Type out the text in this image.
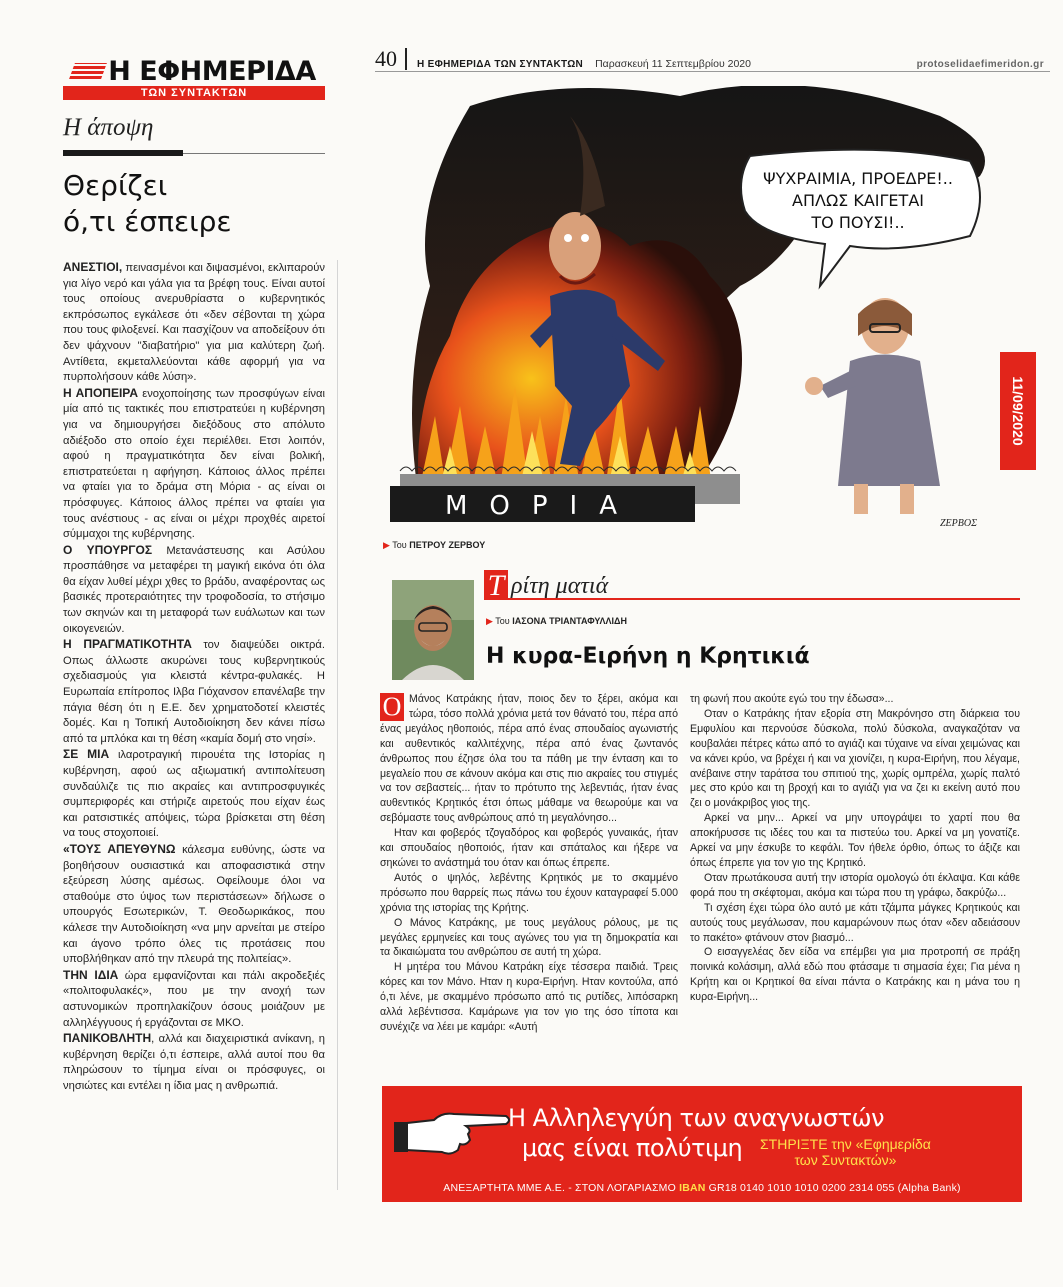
40	Η ΕΦΗΜΕΡΙΔΑ ΤΩΝ ΣΥΝΤΑΚΤΩΝ Παρασκευή 11 Σεπτεμβρίου 2020	protoselidaefimeridon.gr
Η ΕΦΗΜΕΡΙΔΑ
ΤΩΝ ΣΥΝΤΑΚΤΩΝ
Η άποψη
Θερίζει
ό,τι έσπειρε

ΑΝΕΣΤΙΟΙ, πεινασμένοι και διψασμένοι, εκλιπαρούν για λίγο νερό και γάλα για τα βρέφη τους. Είναι αυτοί τους οποίους ανερυθρίαστα ο κυβερνητικός εκπρόσωπος εγκάλεσε ότι «δεν σέβονται τη χώρα που τους φιλοξενεί. Και πασχίζουν να αποδείξουν ότι δεν ψάχνουν "διαβατήριο" για μια καλύτερη ζωή. Αντίθετα, εκμεταλλεύονται κάθε αφορμή για να πυρπολήσουν κάθε λύση».

Η ΑΠΟΠΕΙΡΑ ενοχοποίησης των προσφύγων είναι μία από τις τακτικές που επιστρατεύει η κυβέρνηση για να δημιουργήσει διεξόδους στο απόλυτο αδιέξοδο στο οποίο έχει περιέλθει. Ετσι λοιπόν, αφού η πραγματικότητα δεν είναι βολική, επιστρατεύεται η αφήγηση. Κάποιος άλλος πρέπει να φταίει για το δράμα στη Μόρια - ας είναι οι πρόσφυγες. Κάποιος άλλος πρέπει να φταίει για τους ανέστιους - ας είναι οι μέχρι προχθές αιρετοί σύμμαχοι της κυβέρνησης.

Ο ΥΠΟΥΡΓΟΣ Μετανάστευσης και Ασύλου προσπάθησε να μεταφέρει τη μαγική εικόνα ότι όλα θα είχαν λυθεί μέχρι χθες το βράδυ, αναφέροντας ως βασικές προτεραιότητες την τροφοδοσία, το στήσιμο των σκηνών και τη μεταφορά των ευάλωτων και των οικογενειών.

Η ΠΡΑΓΜΑΤΙΚΟΤΗΤΑ τον διαψεύδει οικτρά. Οπως άλλωστε ακυρώνει τους κυβερνητικούς σχεδιασμούς για κλειστά κέντρα-φυλακές. Η Ευρωπαία επίτροπος Ιλβα Γιόχανσον επανέλαβε την πάγια θέση ότι η Ε.Ε. δεν χρηματοδοτεί κλειστές δομές. Και η Τοπική Αυτοδιοίκηση δεν κάνει πίσω από τα μπλόκα και τη θέση «καμία δομή στο νησί».

ΣΕ ΜΙΑ ιλαροτραγική πιρουέτα της Ιστορίας η κυβέρνηση, αφού ως αξιωματική αντιπολίτευση συνδαύλιζε τις πιο ακραίες και αντιπροσφυγικές συμπεριφορές και στήριζε αιρετούς που είχαν έως και ρατσιστικές απόψεις, τώρα βρίσκεται στη θέση να τους στοχοποιεί.

«ΤΟΥΣ ΑΠΕΥΘΥΝΩ κάλεσμα ευθύνης, ώστε να βοηθήσουν ουσιαστικά και αποφασιστικά στην εξεύρεση λύσης αμέσως. Οφείλουμε όλοι να σταθούμε στο ύψος των περιστάσεων» δήλωσε ο υπουργός Εσωτερικών, Τ. Θεοδωρικάκος, που κάλεσε την Αυτοδιοίκηση «να μην αρνείται με στείρο και άγονο τρόπο όλες τις προτάσεις που υποβλήθηκαν από την πλευρά της πολιτείας».

ΤΗΝ ΙΔΙΑ ώρα εμφανίζονται και πάλι ακροδεξιές «πολιτοφυλακές», που με την ανοχή των αστυνομικών προπηλακίζουν όσους μοιάζουν με αλληλέγγυους ή εργάζονται σε ΜΚΟ.

ΠΑΝΙΚΟΒΛΗΤΗ, αλλά και διαχειριστικά ανίκανη, η κυβέρνηση θερίζει ό,τι έσπειρε, αλλά αυτοί που θα πληρώσουν το τίμημα είναι οι πρόσφυγες, οι νησιώτες και εντέλει η ίδια μας η ανθρωπιά.

ΜΟΡΙΑ
ΨΥΧΡΑΙΜΙΑ, ΠΡΟΕΔΡΕ!..
ΑΠΛΩΣ ΚΑΙΓΕΤΑΙ
ΤΟ ΠΟΥΣΙ!..
ΖΕΡΒΟΣ
▶ Του ΠΕΤΡΟΥ ΖΕΡΒΟΥ
11/09/2020
Τ ρίτη ματιά
▶ Του ΙΑΣΟΝΑ ΤΡΙΑΝΤΑΦΥΛΛΙΔΗ
Η κυρα-Ειρήνη η Κρητικιά

Ο Μάνος Κατράκης ήταν, ποιος δεν το ξέρει, ακόμα και τώρα, τόσο πολλά χρόνια μετά τον θάνατό του, πέρα από ένας μεγάλος ηθοποιός, πέρα από ένας σπουδαίος αγωνιστής και αυθεντικός καλλιτέχνης, πέρα από ένας ζωντανός άνθρωπος που έζησε όλα του τα πάθη με την ένταση και το μεγαλείο που σε κάνουν ακόμα και στις πιο ακραίες του στιγμές να τον σεβαστείς... ήταν το πρότυπο της λεβεντιάς, ήταν ένας αυθεντικός Κρητικός έτσι όπως μάθαμε να θεωρούμε και να σεβόμαστε τους ανθρώπους από τη μεγαλόνησο...

Ηταν και φοβερός τζογαδόρος και φοβερός γυναικάς, ήταν και σπουδαίος ηθοποιός, ήταν και σπάταλος και ήξερε να σηκώνει το ανάστημά του όταν και όπως έπρεπε.

Αυτός ο ψηλός, λεβέντης Κρητικός με το σκαμμένο πρόσωπο που θαρρείς πως πάνω του έχουν καταγραφεί 5.000 χρόνια της ιστορίας της Κρήτης.

Ο Μάνος Κατράκης, με τους μεγάλους ρόλους, με τις μεγάλες ερμηνείες και τους αγώνες του για τη δημοκρατία και τα δικαιώματα του ανθρώπου σε αυτή τη χώρα.

Η μητέρα του Μάνου Κατράκη είχε τέσσερα παιδιά. Τρεις κόρες και τον Μάνο. Ηταν η κυρα-Ειρήνη. Ηταν κοντούλα, από ό,τι λένε, με σκαμμένο πρόσωπο από τις ρυτίδες, λιπόσαρκη αλλά λεβέντισσα. Καμάρωνε για τον γιο της όσο τίποτα και συνέχιζε να λέει με καμάρι: «Αυτή

τη φωνή που ακούτε εγώ του την έδωσα»...

Οταν ο Κατράκης ήταν εξορία στη Μακρόνησο στη διάρκεια του Εμφυλίου και περνούσε δύσκολα, πολύ δύσκολα, αναγκαζόταν να κουβαλάει πέτρες κάτω από το αγιάζι και τύχαινε να είναι χειμώνας και να κάνει κρύο, να βρέχει ή και να χιονίζει, η κυρα-Ειρήνη, που λέγαμε, ανέβαινε στην ταράτσα του σπιτιού της, χωρίς ομπρέλα, χωρίς παλτό μες στο κρύο και τη βροχή και το αγιάζι για να ζει κι εκείνη αυτό που ζει ο μονάκριβος γιος της.

Αρκεί να μην... Αρκεί να μην υπογράψει το χαρτί που θα αποκήρυσσε τις ιδέες του και τα πιστεύω του. Αρκεί να μη γονατίζε. Αρκεί να μην έσκυβε το κεφάλι. Τον ήθελε όρθιο, όπως το άξιζε και όπως έπρεπε για τον γιο της Κρητικό.

Οταν πρωτάκουσα αυτή την ιστορία ομολογώ ότι έκλαψα. Και κάθε φορά που τη σκέφτομαι, ακόμα και τώρα που τη γράφω, δακρύζω...

Τι σχέση έχει τώρα όλο αυτό με κάτι τζάμπα μάγκες Κρητικούς και αυτούς τους μεγάλωσαν, που καμαρώνουν πως όταν «δεν αδειάσουν το πακέτο» φτάνουν στον βιασμό...

Ο εισαγγελέας δεν είδα να επέμβει για μια προτροπή σε πράξη ποινικά κολάσιμη, αλλά εδώ που φτάσαμε τι σημασία έχει; Για μένα η Κρήτη και οι Κρητικοί θα είναι πάντα ο Κατράκης και η μάνα του η κυρα-Ειρήνη...

Η Αλληλεγγύη των αναγνωστών
μας είναι πολύτιμη ΣΤΗΡΙΞΤΕ την «Εφημερίδα
των Συντακτών»
ΑΝΕΞΑΡΤΗΤΑ ΜΜΕ Α.Ε. - ΣΤΟΝ ΛΟΓΑΡΙΑΣΜΟ IBAN GR18 0140 1010 1010 0200 2314 055 (Alpha Bank)
